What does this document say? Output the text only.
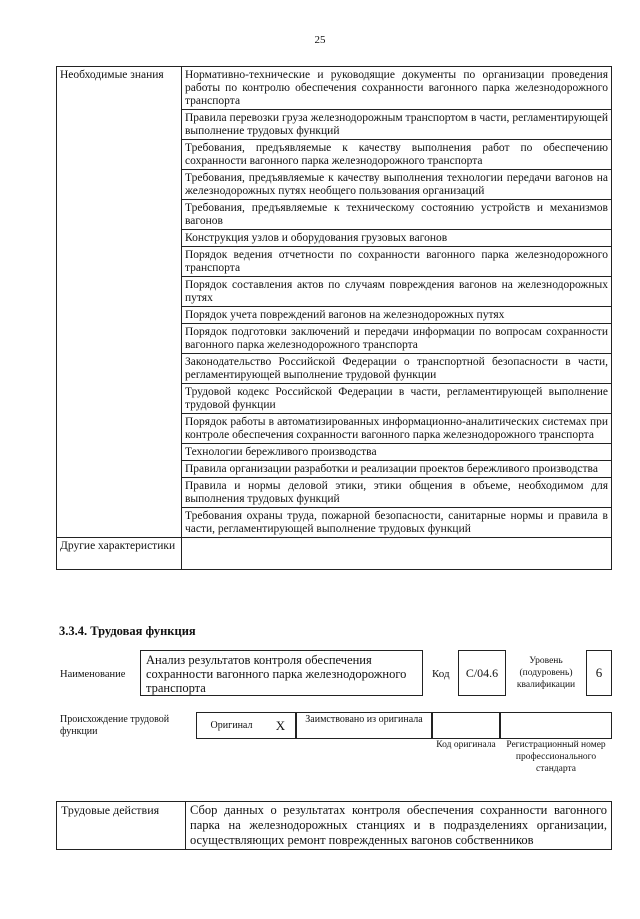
25
Необходимые знания	Нормативно-технические и руководящие документы по организации проведения работы по контролю обеспечения сохранности вагонного парка железнодорожного транспорта
	Правила перевозки груза железнодорожным транспортом в части, регламентирующей выполнение трудовых функций
	Требования, предъявляемые к качеству выполнения работ по обеспечению сохранности вагонного парка железнодорожного транспорта
	Требования, предъявляемые к качеству выполнения технологии передачи вагонов на железнодорожных путях необщего пользования организаций
	Требования, предъявляемые к техническому состоянию устройств и механизмов вагонов
	Конструкция узлов и оборудования грузовых вагонов
	Порядок ведения отчетности по сохранности вагонного парка железнодорожного транспорта
	Порядок составления актов по случаям повреждения вагонов на железнодорожных путях
	Порядок учета повреждений вагонов на железнодорожных путях
	Порядок подготовки заключений и передачи информации по вопросам сохранности вагонного парка железнодорожного транспорта
	Законодательство Российской Федерации о транспортной безопасности в части, регламентирующей выполнение трудовой функции
	Трудовой кодекс Российской Федерации в части, регламентирующей выполнение трудовой функции
	Порядок работы в автоматизированных информационно-аналитических системах при контроле обеспечения сохранности вагонного парка железнодорожного транспорта
	Технологии бережливого производства
	Правила организации разработки и реализации проектов бережливого производства
	Правила и нормы деловой этики, этики общения в объеме, необходимом для выполнения трудовых функций
	Требования охраны труда, пожарной безопасности, санитарные нормы и правила в части, регламентирующей выполнение трудовых функций
Другие характеристики	
3.3.4. Трудовая функция
Наименование
Анализ результатов контроля обеспечения сохранности вагонного парка железнодорожного транспорта
Код	C/04.6
Уровень (подуровень) квалификации
6
Происхождение трудовой функции
Оригинал	X	Заимствовано из оригинала
Код оригинала Регистрационный номер профессионального стандарта
Трудовые действия	Сбор данных о результатах контроля обеспечения сохранности вагонного парка на железнодорожных станциях и в подразделениях организации, осуществляющих ремонт поврежденных вагонов собственников
